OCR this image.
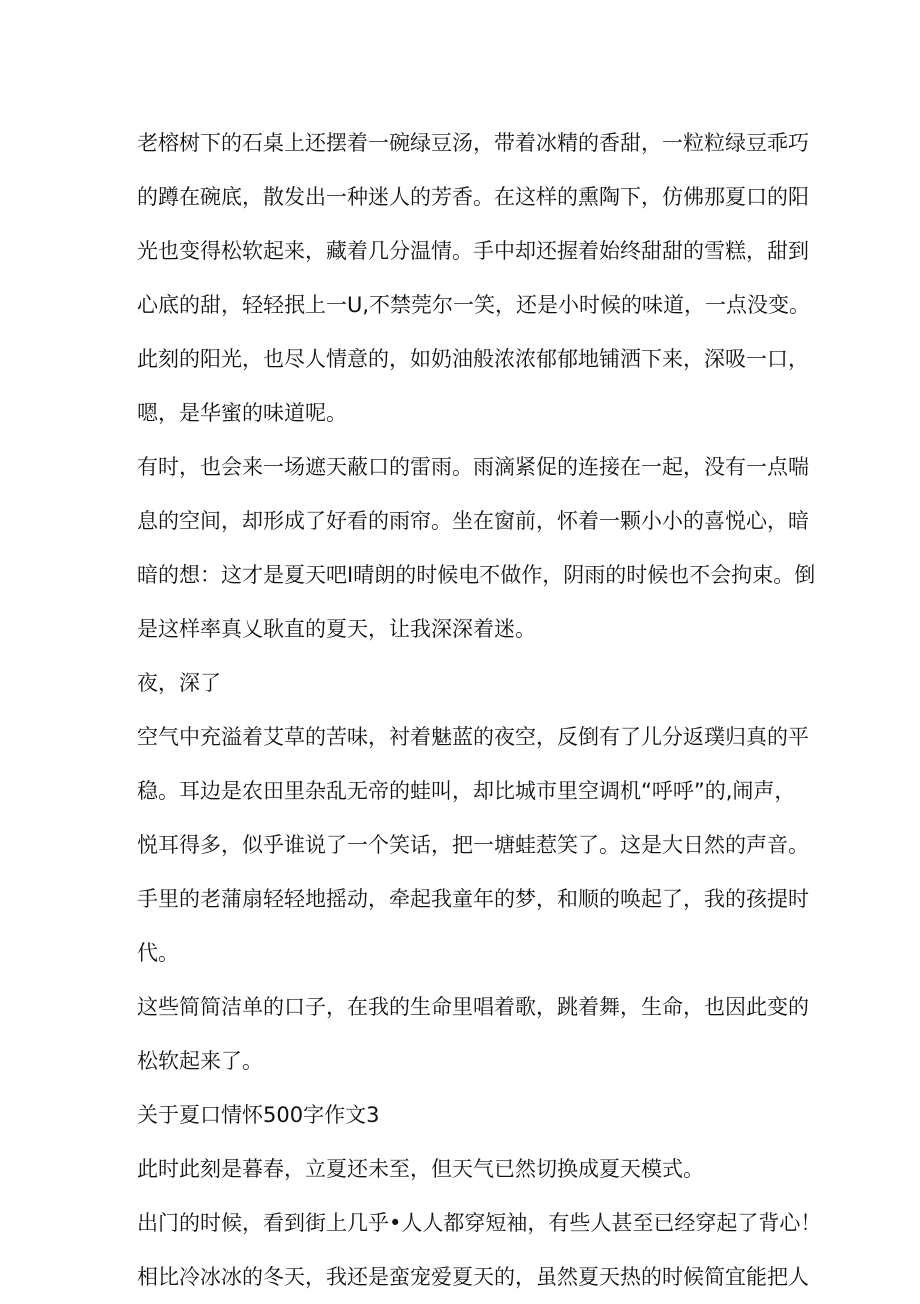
老榕树下的石桌上还摆着一碗绿豆汤，带着冰精的香甜，一粒粒绿豆乖巧
的蹲在碗底，散发出一种迷人的芳香。在这样的熏陶下，仿佛那夏口的阳
光也变得松软起来，藏着几分温情。手中却还握着始终甜甜的雪糕，甜到
心底的甜，轻轻抿上一U,不禁莞尔一笑，还是小时候的味道，一点没变。
此刻的阳光，也尽人情意的，如奶油般浓浓郁郁地铺洒下来，深吸一口，
嗯，是华蜜的味道呢。
有时，也会来一场遮天蔽口的雷雨。雨滴紧促的连接在一起，没有一点喘
息的空间，却形成了好看的雨帘。坐在窗前，怀着一颗小小的喜悦心，暗
暗的想：这才是夏天吧I晴朗的时候电不做作，阴雨的时候也不会拘束。倒
是这样率真乂耿直的夏天，让我深深着迷。
夜，深了
空气中充溢着艾草的苦味，衬着魅蓝的夜空，反倒有了儿分返璞归真的平
稳。耳边是农田里杂乱无帝的蛙叫，却比城市里空调机“呼呼”的,闹声，
悦耳得多，似乎谁说了一个笑话，把一塘蛙惹笑了。这是大日然的声音。
手里的老蒲扇轻轻地摇动，牵起我童年的梦，和顺的唤起了，我的孩提时
代。
这些简简洁单的口子，在我的生命里唱着歌，跳着舞，生命，也因此变的
松软起来了。
关于夏口情怀500字作文3
此时此刻是暮春，立夏还未至，但天气已然切换成夏天模式。
出门的时候，看到街上几乎•人人都穿短袖，有些人甚至已经穿起了背心！
相比冷冰冰的冬天，我还是蛮宠爱夏天的，虽然夏天热的时候简宜能把人
